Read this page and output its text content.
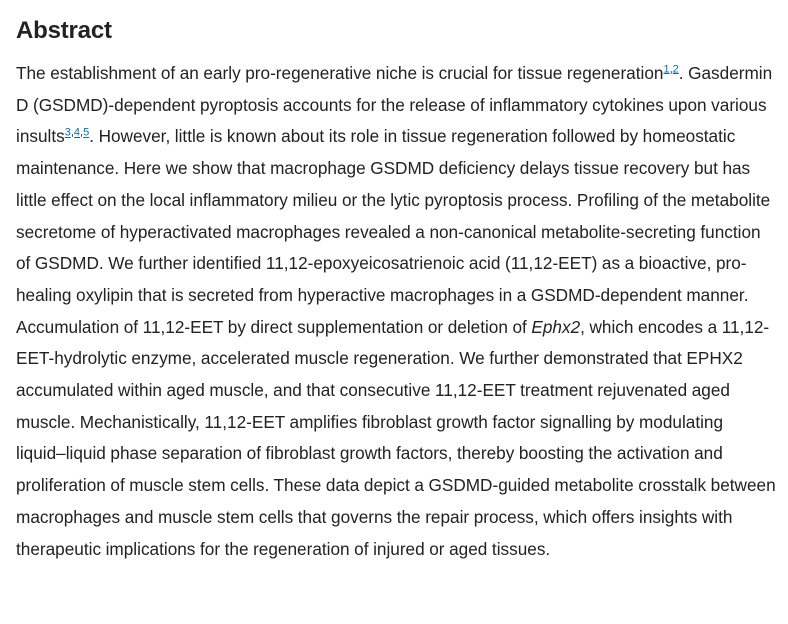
Abstract

The establishment of an early pro-regenerative niche is crucial for tissue regeneration$^{1,2}$. Gasdermin D (GSDMD)-dependent pyroptosis accounts for the release of inflammatory cytokines upon various insults$^{3,4,5}$. However, little is known about its role in tissue regeneration followed by homeostatic maintenance. Here we show that macrophage GSDMD deficiency delays tissue recovery but has little effect on the local inflammatory milieu or the lytic pyroptosis process. Profiling of the metabolite secretome of hyperactivated macrophages revealed a non-canonical metabolite-secreting function of GSDMD. We further identified 11,12-epoxyeicosatrienoic acid (11,12-EET) as a bioactive, pro-healing oxylipin that is secreted from hyperactive macrophages in a GSDMD-dependent manner. Accumulation of 11,12-EET by direct supplementation or deletion of Ephx2, which encodes a 11,12-EET-hydrolytic enzyme, accelerated muscle regeneration. We further demonstrated that EPHX2 accumulated within aged muscle, and that consecutive 11,12-EET treatment rejuvenated aged muscle. Mechanistically, 11,12-EET amplifies fibroblast growth factor signalling by modulating liquid–liquid phase separation of fibroblast growth factors, thereby boosting the activation and proliferation of muscle stem cells. These data depict a GSDMD-guided metabolite crosstalk between macrophages and muscle stem cells that governs the repair process, which offers insights with therapeutic implications for the regeneration of injured or aged tissues.
